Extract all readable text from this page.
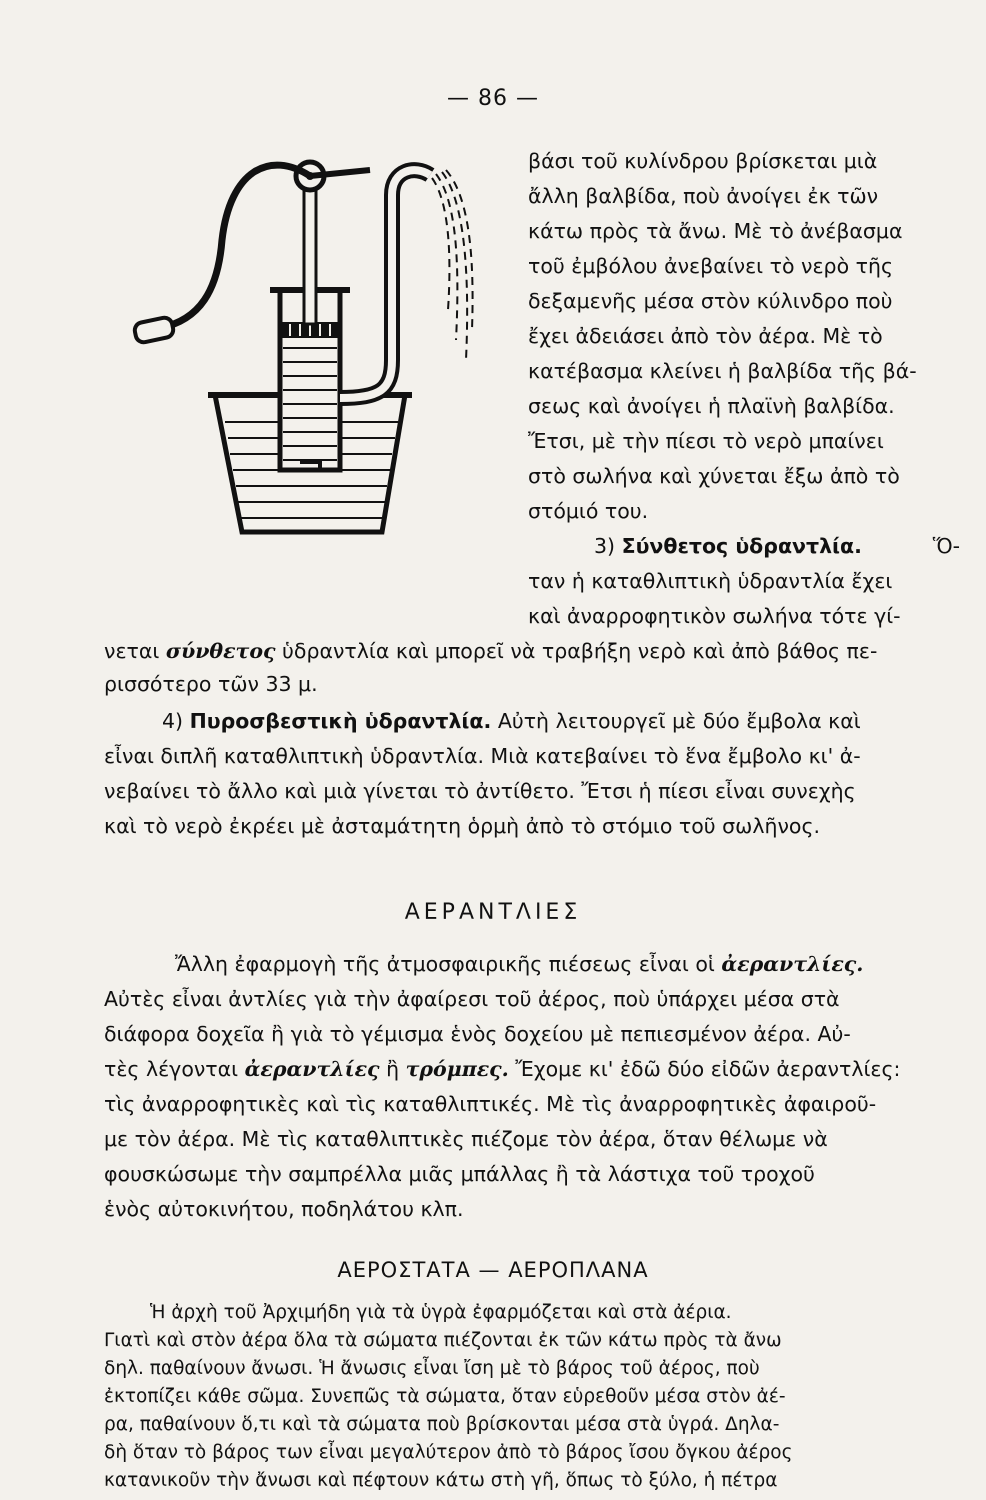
— 86 —
βάσι τοῦ κυλίνδρου βρίσκεται μιὰ
ἄλλη βαλβίδα, ποὺ ἀνοίγει ἐκ τῶν
κάτω πρὸς τὰ ἄνω. Μὲ τὸ ἀνέβασμα
τοῦ ἐμβόλου ἀνεβαίνει τὸ νερὸ τῆς
δεξαμενῆς μέσα στὸν κύλινδρο ποὺ
ἔχει ἀδειάσει ἀπὸ τὸν ἀέρα. Μὲ τὸ
κατέβασμα κλείνει ἡ βαλβίδα τῆς βά-
σεως καὶ ἀνοίγει ἡ πλαϊνὴ βαλβίδα.
Ἔτσι, μὲ τὴν πίεσι τὸ νερὸ μπαίνει
στὸ σωλήνα καὶ χύνεται ἔξω ἀπὸ τὸ
στόμιό του.
3) Σύνθετος ὑδραντλία.	Ὅ-
ταν ἡ καταθλιπτικὴ ὑδραντλία ἔχει
καὶ ἀναρροφητικὸν σωλήνα τότε γί-
νεται σύνθετος ὑδραντλία καὶ μπορεῖ νὰ τραβήξη νερὸ καὶ ἀπὸ βάθος πε-
ρισσότερο τῶν 33 μ.
4) Πυροσβεστικὴ ὑδραντλία. Αὐτὴ λειτουργεῖ μὲ δύο ἔμβολα καὶ
εἶναι διπλῆ καταθλιπτικὴ ὑδραντλία. Μιὰ κατεβαίνει τὸ ἕνα ἔμβολο κι' ἀ-
νεβαίνει τὸ ἄλλο καὶ μιὰ γίνεται τὸ ἀντίθετο. Ἔτσι ἡ πίεσι εἶναι συνεχὴς
καὶ τὸ νερὸ ἐκρέει μὲ ἀσταμάτητη ὁρμὴ ἀπὸ τὸ στόμιο τοῦ σωλῆνος.
ΑΕΡΑΝΤΛΙΕΣ
Ἄλλη ἐφαρμογὴ τῆς ἀτμοσφαιρικῆς πιέσεως εἶναι οἱ ἀεραντλίες.
Αὐτὲς εἶναι ἀντλίες γιὰ τὴν ἀφαίρεσι τοῦ ἀέρος, ποὺ ὑπάρχει μέσα στὰ
διάφορα δοχεῖα ἢ γιὰ τὸ γέμισμα ἑνὸς δοχείου μὲ πεπιεσμένον ἀέρα. Αὐ-
τὲς λέγονται ἀεραντλίες ἢ τρόμπες. Ἔχομε κι' ἐδῶ δύο εἰδῶν ἀεραντλίες:
τὶς ἀναρροφητικὲς καὶ τὶς καταθλιπτικές. Μὲ τὶς ἀναρροφητικὲς ἀφαιροῦ-
με τὸν ἀέρα. Μὲ τὶς καταθλιπτικὲς πιέζομε τὸν ἀέρα, ὅταν θέλωμε νὰ
φουσκώσωμε τὴν σαμπρέλλα μιᾶς μπάλλας ἢ τὰ λάστιχα τοῦ τροχοῦ
ἑνὸς αὐτοκινήτου, ποδηλάτου κλπ.
ΑΕΡΟΣΤΑΤΑ — ΑΕΡΟΠΛΑΝΑ
Ἡ ἀρχὴ τοῦ Ἀρχιμήδη γιὰ τὰ ὑγρὰ ἐφαρμόζεται καὶ στὰ ἀέρια.
Γιατὶ καὶ στὸν ἀέρα ὅλα τὰ σώματα πιέζονται ἐκ τῶν κάτω πρὸς τὰ ἄνω
δηλ. παθαίνουν ἄνωσι. Ἡ ἄνωσις εἶναι ἴση μὲ τὸ βάρος τοῦ ἀέρος, ποὺ
ἐκτοπίζει κάθε σῶμα. Συνεπῶς τὰ σώματα, ὅταν εὑρεθοῦν μέσα στὸν ἀέ-
ρα, παθαίνουν ὅ,τι καὶ τὰ σώματα ποὺ βρίσκονται μέσα στὰ ὑγρά. Δηλα-
δὴ ὅταν τὸ βάρος των εἶναι μεγαλύτερον ἀπὸ τὸ βάρος ἴσου ὄγκου ἀέρος
κατανικοῦν τὴν ἄνωσι καὶ πέφτουν κάτω στὴ γῆ, ὅπως τὸ ξύλο, ἡ πέτρα
